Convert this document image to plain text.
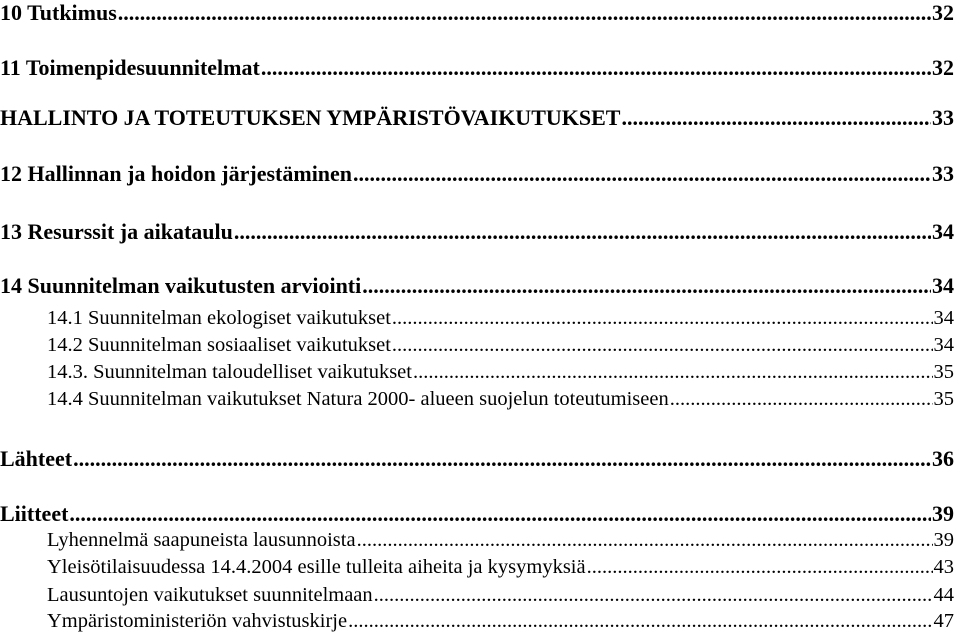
10 Tutkimus .....	32
11 Toimenpidesuunnitelmat .....	32
HALLINTO JA TOTEUTUKSEN YMPÄRISTÖVAIKUTUKSET .....	33
12 Hallinnan ja hoidon järjestäminen .....	33
13 Resurssit ja aikataulu .....	34
14 Suunnitelman vaikutusten arviointi .....	34
14.1 Suunnitelman ekologiset vaikutukset .....	34
14.2 Suunnitelman sosiaaliset vaikutukset .....	34
14.3. Suunnitelman taloudelliset vaikutukset .....	35
14.4 Suunnitelman vaikutukset Natura 2000- alueen suojelun toteutumiseen .....	35
Lähteet .....	36
Liitteet .....	39
Lyhennelmä saapuneista lausunnoista .....	39
Yleisötilaisuudessa 14.4.2004 esille tulleita aiheita ja kysymyksiä .....	43
Lausuntojen vaikutukset suunnitelmaan .....	44
Ympäristoministeriön vahvistuskirje .....	47
